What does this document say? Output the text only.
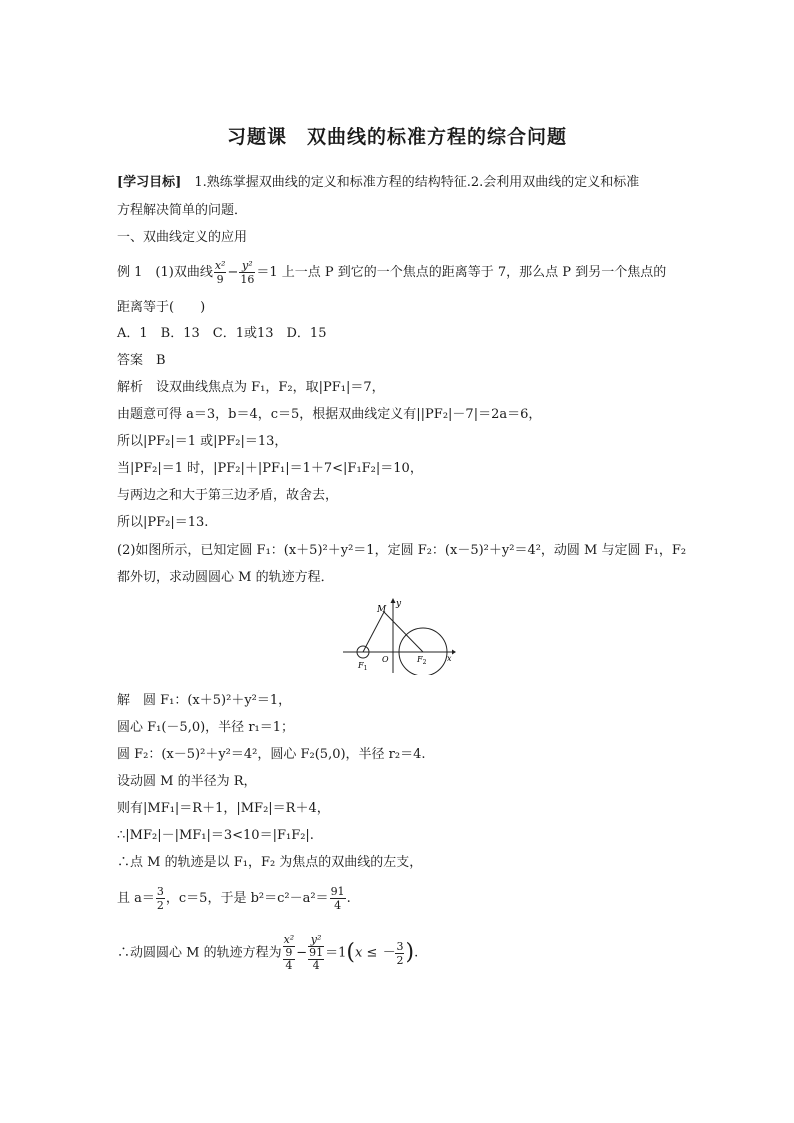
习题课　双曲线的标准方程的综合问题
[学习目标]　1.熟练掌握双曲线的定义和标准方程的结构特征.2.会利用双曲线的定义和标准
方程解决简单的问题．
一、双曲线定义的应用
例 1　(1)双曲线 $\frac{\text{x²}}{9} - \frac{\text{y²}}{16} =1$ 上一点 P 到它的一个焦点的距离等于 7，那么点 P 到另一个焦点的
距离等于(　　)
A．1　B．13　C．1或13　D．15
答案　B
解析　设双曲线焦点为 F₁，F₂，取|PF₁|＝7，
由题意可得 a＝3，b＝4，c＝5，根据双曲线定义有||PF₂|－7|＝2a＝6，
所以|PF₂|＝1 或|PF₂|＝13，
当|PF₂|＝1 时，|PF₂|＋|PF₁|＝1＋7<|F₁F₂|＝10，
与两边之和大于第三边矛盾，故舍去，
所以|PF₂|＝13.
(2)如图所示，已知定圆 F₁：(x＋5)²＋y²＝1，定圆 F₂：(x－5)²＋y²＝4²，动圆 M 与定圆 F₁，F₂
都外切，求动圆圆心 M 的轨迹方程．
M
y
O	x
$F_1$
$F_2$
解　圆 F₁：(x＋5)²＋y²＝1，
圆心 F₁(－5,0)，半径 r₁＝1；
圆 F₂：(x－5)²＋y²＝4²，圆心 F₂(5,0)，半径 r₂＝4.
设动圆 M 的半径为 R，
则有|MF₁|＝R＋1，|MF₂|＝R＋4，
∴|MF₂|－|MF₁|＝3<10＝|F₁F₂|.
∴点 M 的轨迹是以 F₁，F₂ 为焦点的双曲线的左支，
且 $a= \frac{3}{2}$ ，c＝5，于是 $b^2=c^2-a^2= \frac{91}{4}$ .
∴动圆圆心 M 的轨迹方程为
x²
9
4
−
y²
91
4
＝1(x ≤ － $\frac{3}{2}$ ).
